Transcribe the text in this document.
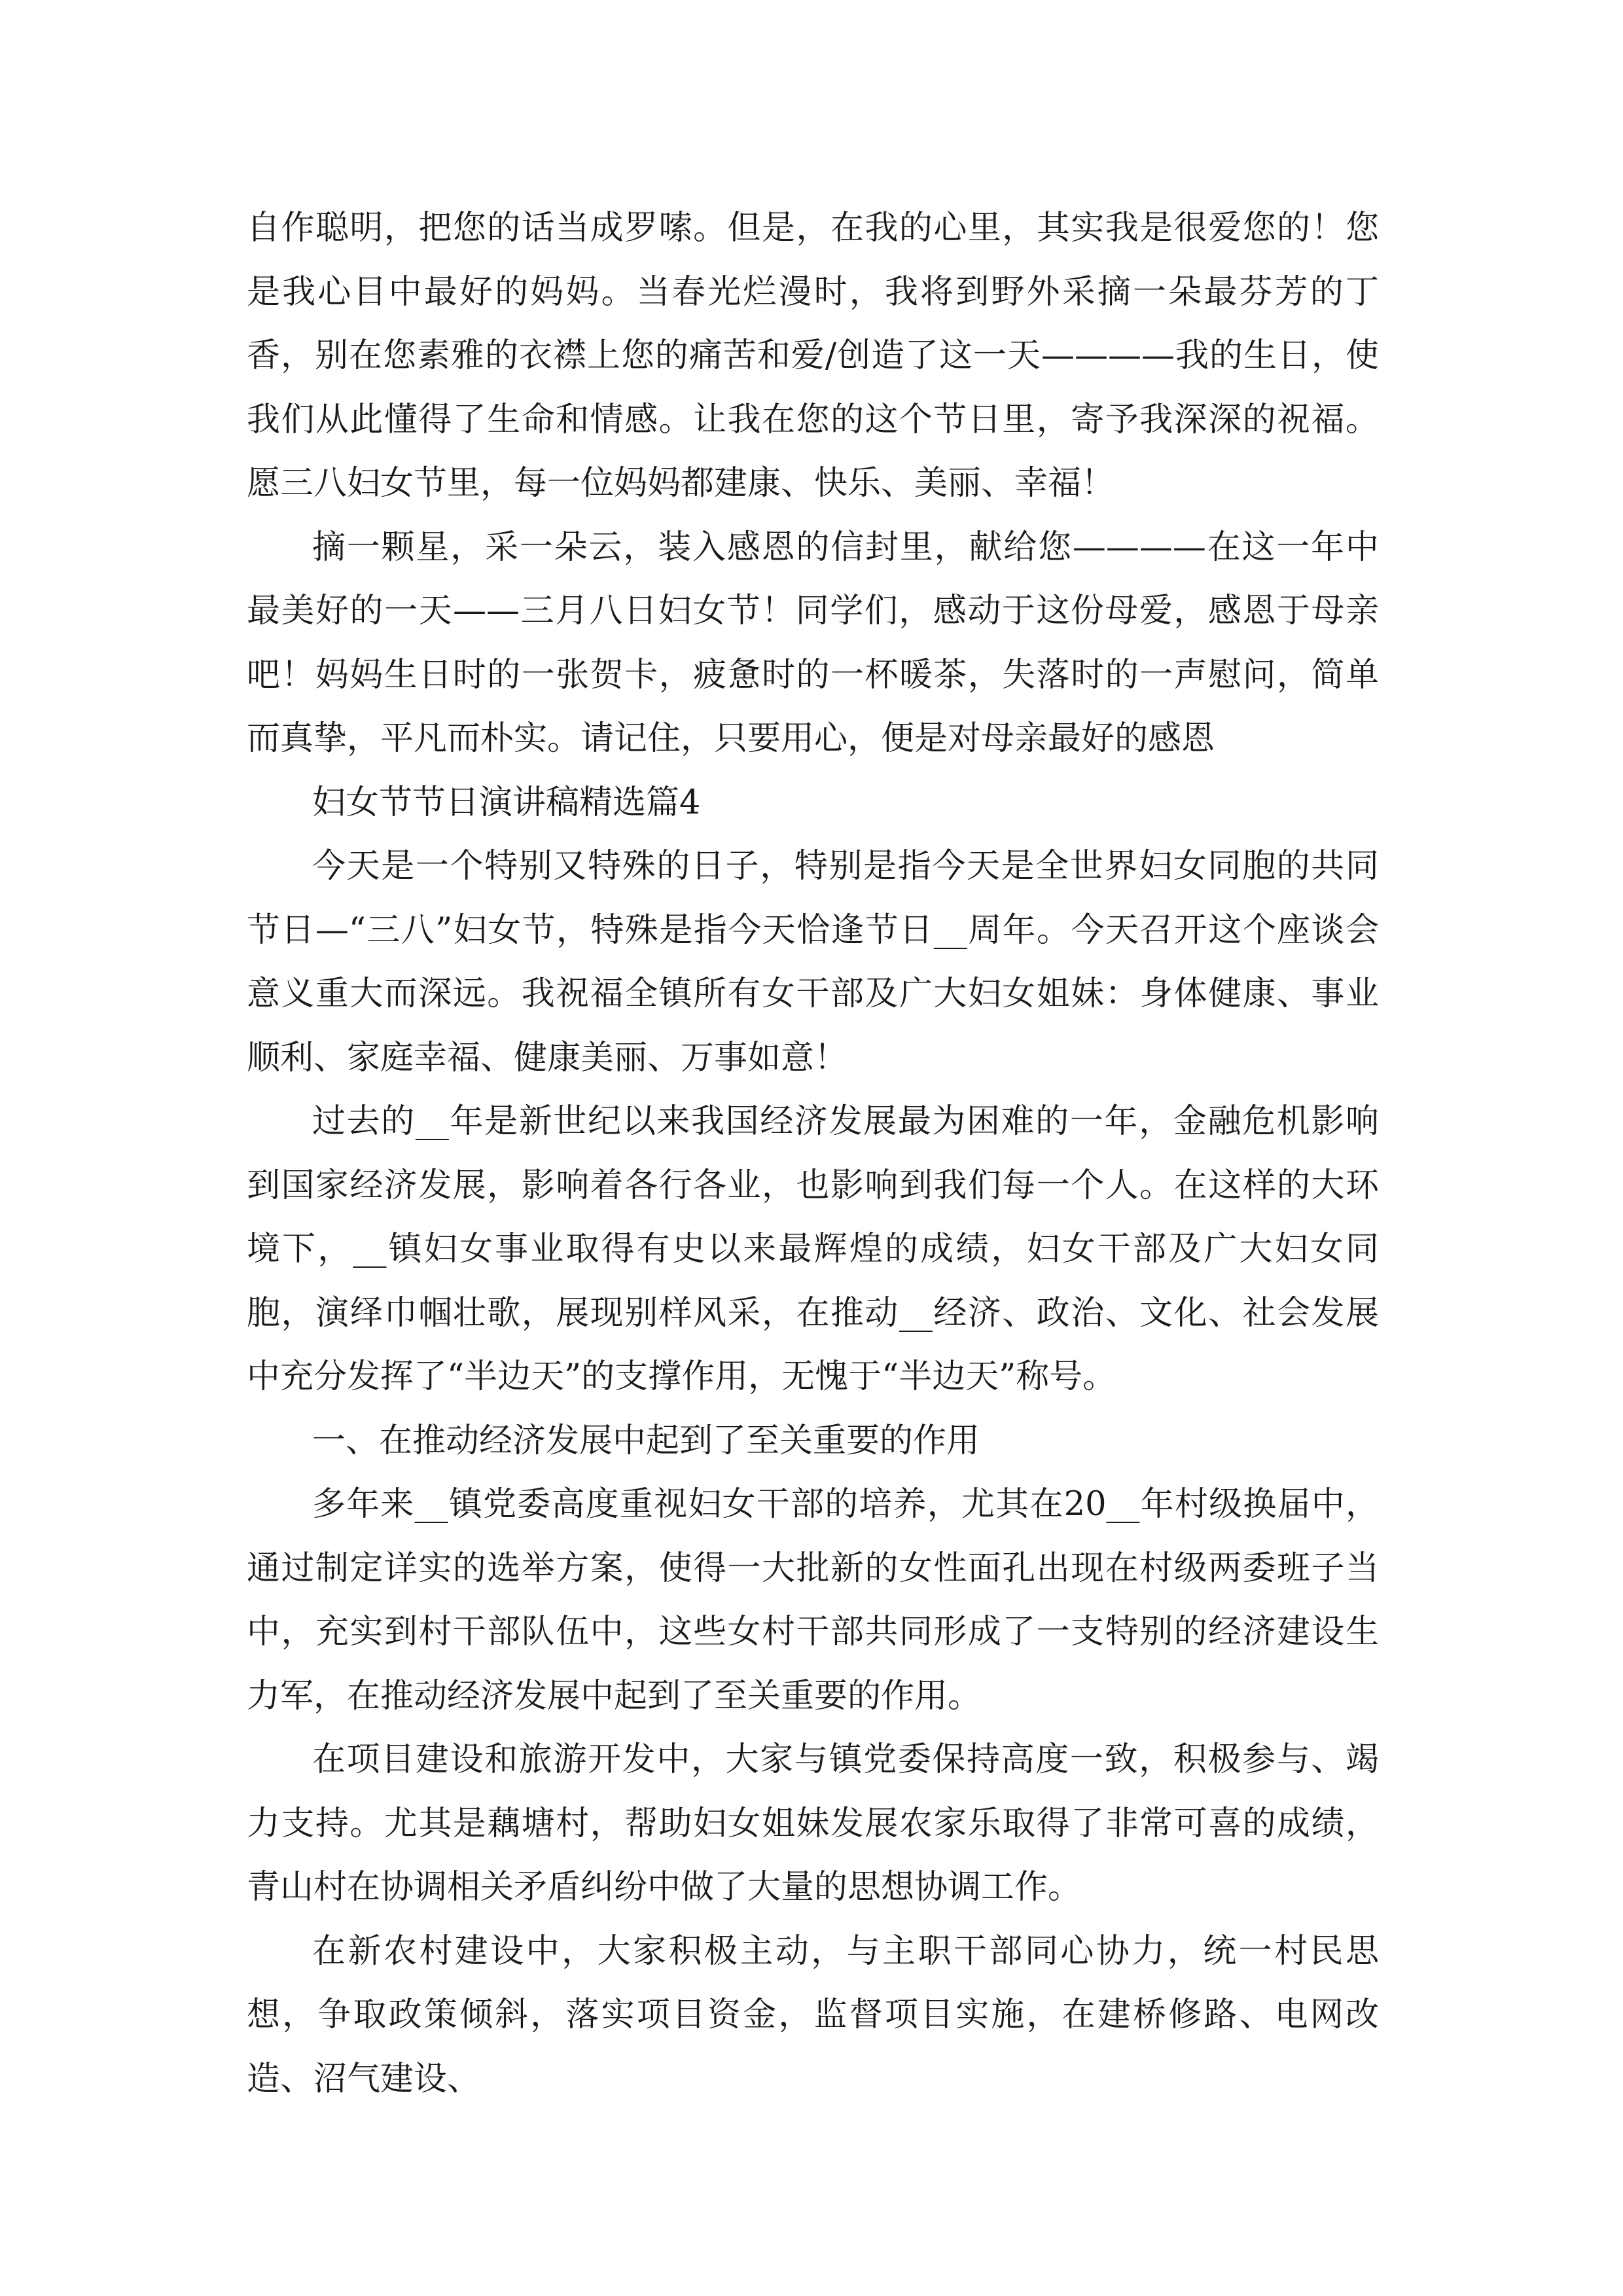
自作聪明，把您的话当成罗嗦。但是，在我的心里，其实我是很爱您的！您是我心目中最好的妈妈。当春光烂漫时，我将到野外采摘一朵最芬芳的丁香，别在您素雅的衣襟上您的痛苦和爱/创造了这一天————我的生日，使我们从此懂得了生命和情感。让我在您的这个节日里，寄予我深深的祝福。愿三八妇女节里，每一位妈妈都建康、快乐、美丽、幸福！

摘一颗星，采一朵云，装入感恩的信封里，献给您————在这一年中最美好的一天——三月八日妇女节！同学们，感动于这份母爱，感恩于母亲吧！妈妈生日时的一张贺卡，疲惫时的一杯暖茶，失落时的一声慰问，简单而真挚，平凡而朴实。请记住，只要用心，便是对母亲最好的感恩

妇女节节日演讲稿精选篇4

今天是一个特别又特殊的日子，特别是指今天是全世界妇女同胞的共同节日—“三八”妇女节，特殊是指今天恰逢节日__周年。今天召开这个座谈会意义重大而深远。我祝福全镇所有女干部及广大妇女姐妹：身体健康、事业顺利、家庭幸福、健康美丽、万事如意！

过去的__年是新世纪以来我国经济发展最为困难的一年，金融危机影响到国家经济发展，影响着各行各业，也影响到我们每一个人。在这样的大环境下，__镇妇女事业取得有史以来最辉煌的成绩，妇女干部及广大妇女同胞，演绎巾帼壮歌，展现别样风采，在推动__经济、政治、文化、社会发展中充分发挥了“半边天”的支撑作用，无愧于“半边天”称号。

一、在推动经济发展中起到了至关重要的作用

多年来__镇党委高度重视妇女干部的培养，尤其在20__年村级换届中，通过制定详实的选举方案，使得一大批新的女性面孔出现在村级两委班子当中，充实到村干部队伍中，这些女村干部共同形成了一支特别的经济建设生力军，在推动经济发展中起到了至关重要的作用。

在项目建设和旅游开发中，大家与镇党委保持高度一致，积极参与、竭力支持。尤其是藕塘村，帮助妇女姐妹发展农家乐取得了非常可喜的成绩，青山村在协调相关矛盾纠纷中做了大量的思想协调工作。

在新农村建设中，大家积极主动，与主职干部同心协力，统一村民思想，争取政策倾斜，落实项目资金，监督项目实施，在建桥修路、电网改造、沼气建设、
